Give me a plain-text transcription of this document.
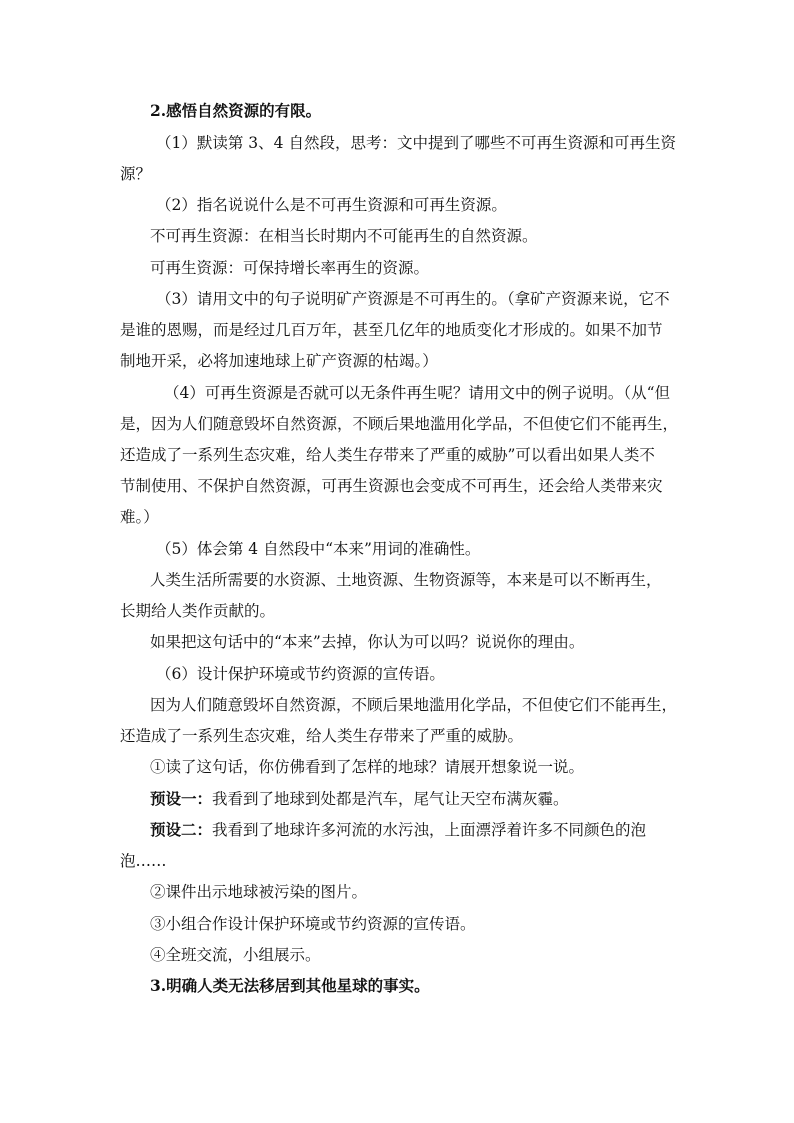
2.感悟自然资源的有限。
（1）默读第 3、4 自然段，思考：文中提到了哪些不可再生资源和可再生资
源？
（2）指名说说什么是不可再生资源和可再生资源。
不可再生资源：在相当长时期内不可能再生的自然资源。
可再生资源：可保持增长率再生的资源。
（3）请用文中的句子说明矿产资源是不可再生的。（拿矿产资源来说，它不
是谁的恩赐，而是经过几百万年，甚至几亿年的地质变化才形成的。如果不加节
制地开采，必将加速地球上矿产资源的枯竭。）
（4）可再生资源是否就可以无条件再生呢？请用文中的例子说明。（从“但
是，因为人们随意毁坏自然资源，不顾后果地滥用化学品，不但使它们不能再生，
还造成了一系列生态灾难，给人类生存带来了严重的威胁”可以看出如果人类不
节制使用、不保护自然资源，可再生资源也会变成不可再生，还会给人类带来灾
难。）
（5）体会第 4 自然段中“本来”用词的准确性。
人类生活所需要的水资源、土地资源、生物资源等，本来是可以不断再生，
长期给人类作贡献的。
如果把这句话中的“本来”去掉，你认为可以吗？说说你的理由。
（6）设计保护环境或节约资源的宣传语。
因为人们随意毁坏自然资源，不顾后果地滥用化学品，不但使它们不能再生，
还造成了一系列生态灾难，给人类生存带来了严重的威胁。
①读了这句话，你仿佛看到了怎样的地球？请展开想象说一说。
预设一：我看到了地球到处都是汽车，尾气让天空布满灰霾。
预设二：我看到了地球许多河流的水污浊，上面漂浮着许多不同颜色的泡
泡……
②课件出示地球被污染的图片。
③小组合作设计保护环境或节约资源的宣传语。
④全班交流，小组展示。
3.明确人类无法移居到其他星球的事实。
